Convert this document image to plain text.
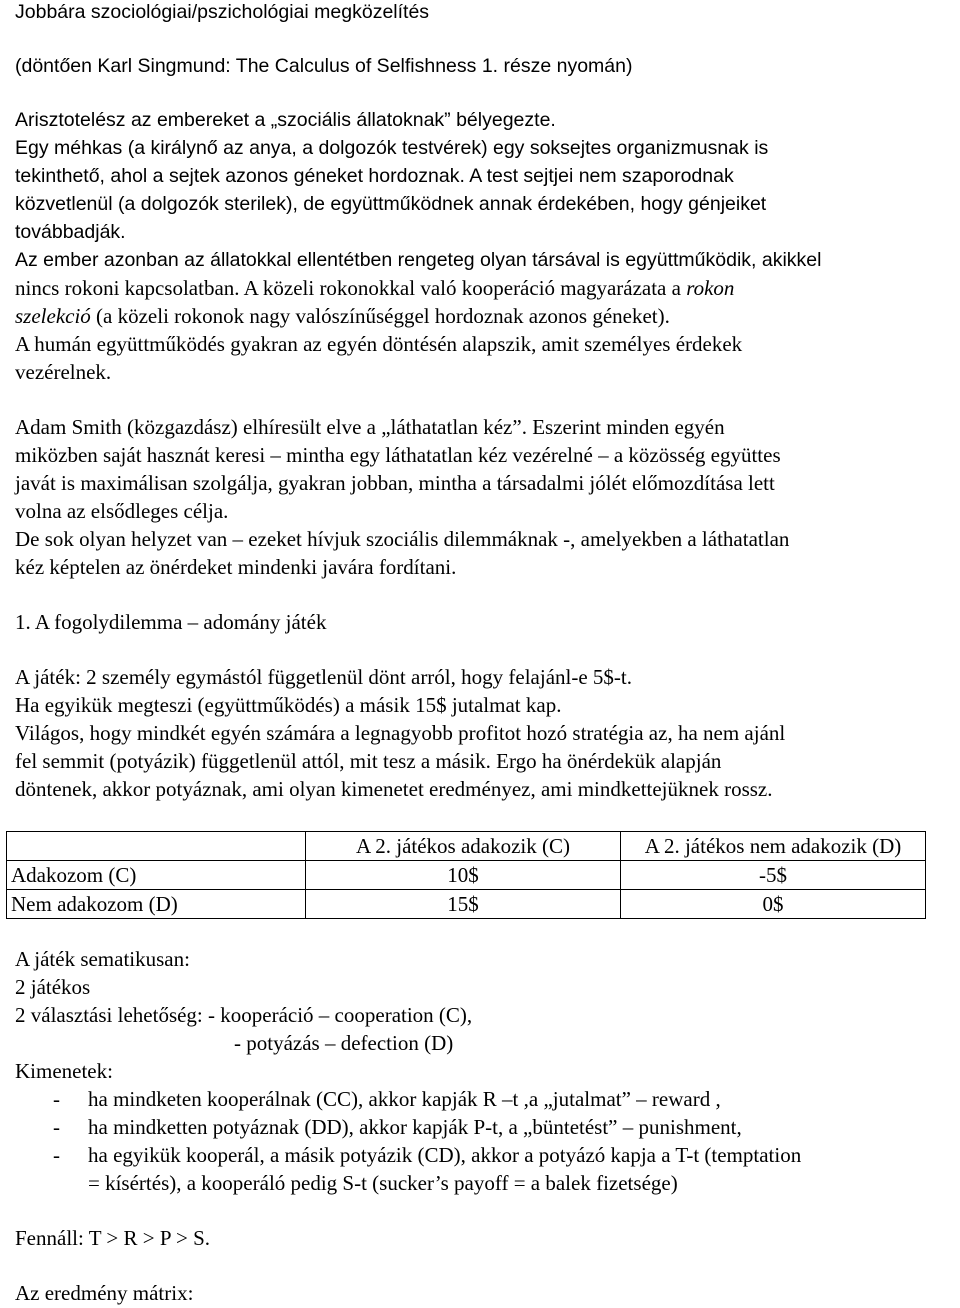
Jobbára szociológiai/pszichológiai megközelítés
(döntően Karl Singmund: The Calculus of Selfishness 1. része nyomán)
Arisztotelész az embereket a „szociális állatoknak” bélyegezte.
Egy méhkas (a királynő az anya, a dolgozók testvérek) egy soksejtes organizmusnak is
tekinthető, ahol a sejtek azonos géneket hordoznak. A test sejtjei nem szaporodnak
közvetlenül (a dolgozók sterilek), de együttműködnek annak érdekében, hogy génjeiket
továbbadják.
Az ember azonban az állatokkal ellentétben rengeteg olyan társával is együttműködik, akikkel
nincs rokoni kapcsolatban. A közeli rokonokkal való kooperáció magyarázata a rokon
szelekció (a közeli rokonok nagy valószínűséggel hordoznak azonos géneket).
A humán együttműködés gyakran az egyén döntésén alapszik, amit személyes érdekek
vezérelnek.
Adam Smith (közgazdász) elhíresült elve a „láthatatlan kéz”. Eszerint minden egyén
miközben saját hasznát keresi – mintha egy láthatatlan kéz vezérelné – a közösség együttes
javát is maximálisan szolgálja, gyakran jobban, mintha a társadalmi jólét előmozdítása lett
volna az elsődleges célja.
De sok olyan helyzet van – ezeket hívjuk szociális dilemmáknak -, amelyekben a láthatatlan
kéz képtelen az önérdeket mindenki javára fordítani.
1. A fogolydilemma – adomány játék
A játék: 2 személy egymástól függetlenül dönt arról, hogy felajánl-e 5$-t.
Ha egyikük megteszi (együttműködés) a másik 15$ jutalmat kap.
Világos, hogy mindkét egyén számára a legnagyobb profitot hozó stratégia az, ha nem ajánl
fel semmit (potyázik) függetlenül attól, mit tesz a másik. Ergo ha önérdekük alapján
döntenek, akkor potyáznak, ami olyan kimenetet eredményez, ami mindkettejüknek rossz.
	A 2. játékos adakozik (C)	A 2. játékos nem adakozik (D)
Adakozom (C)	10$	-5$
Nem adakozom (D)	15$	0$
A játék sematikusan:
2 játékos
2 választási lehetőség: - kooperáció – cooperation (C),
- potyázás – defection (D)
Kimenetek:
- ha mindketen kooperálnak (CC), akkor kapják R –t ,a „jutalmat” – reward ,
- ha mindketten potyáznak (DD), akkor kapják P-t, a „büntetést” – punishment,
- ha egyikük kooperál, a másik potyázik (CD), akkor a potyázó kapja a T-t (temptation
= kísértés), a kooperáló pedig S-t (sucker’s payoff = a balek fizetsége)
Fennáll: T > R > P > S.
Az eredmény mátrix:
